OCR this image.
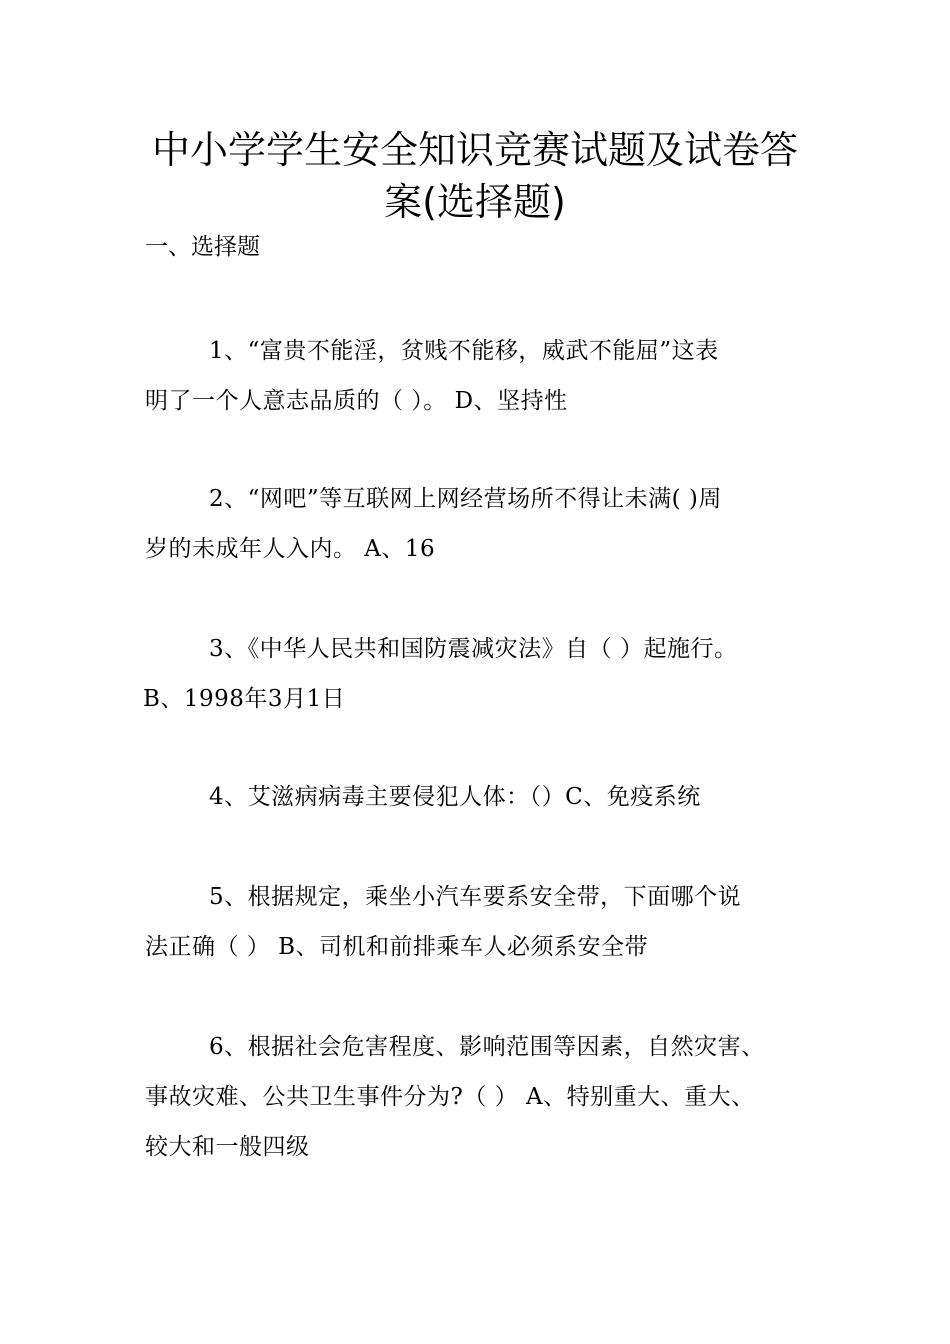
中小学学生安全知识竞赛试题及试卷答
案(选择题)

一、选择题

1、“富贵不能淫，贫贱不能移，威武不能屈”这表
明了一个人意志品质的（ ）。 D、坚持性
2、“网吧”等互联网上网经营场所不得让未满( )周
岁的未成年人入内。 A、16
3、《中华人民共和国防震减灾法》自（ ）起施行。
B、1998年3月1日
4、艾滋病病毒主要侵犯人体：（）C、免疫系统
5、根据规定，乘坐小汽车要系安全带，下面哪个说
法正确（ ） B、司机和前排乘车人必须系安全带
6、根据社会危害程度、影响范围等因素，自然灾害、
事故灾难、公共卫生事件分为?（ ） A、特别重大、重大、
较大和一般四级
